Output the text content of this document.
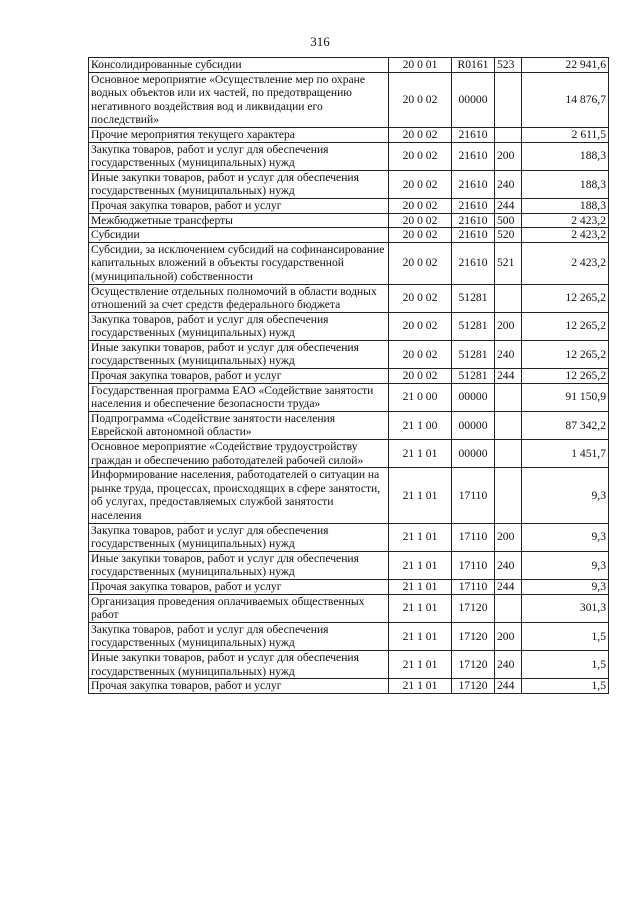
316
Консолидированные субсидии	20 0 01	R0161	523	22 941,6
Основное мероприятие «Осуществление мер по охране водных объектов или их частей, по предотвращению негативного воздействия вод и ликвидации его последствий»	20 0 02	00000		14 876,7
Прочие мероприятия текущего характера	20 0 02	21610		2 611,5
Закупка товаров, работ и услуг для обеспечения государственных (муниципальных) нужд	20 0 02	21610	200	188,3
Иные закупки товаров, работ и услуг для обеспечения государственных (муниципальных) нужд	20 0 02	21610	240	188,3
Прочая закупка товаров, работ и услуг	20 0 02	21610	244	188,3
Межбюджетные трансферты	20 0 02	21610	500	2 423,2
Субсидии	20 0 02	21610	520	2 423,2
Субсидии, за исключением субсидий на софинансирование капитальных вложений в объекты государственной (муниципальной) собственности	20 0 02	21610	521	2 423,2
Осуществление отдельных полномочий в области водных отношений за счет средств федерального бюджета	20 0 02	51281		12 265,2
Закупка товаров, работ и услуг для обеспечения государственных (муниципальных) нужд	20 0 02	51281	200	12 265,2
Иные закупки товаров, работ и услуг для обеспечения государственных (муниципальных) нужд	20 0 02	51281	240	12 265,2
Прочая закупка товаров, работ и услуг	20 0 02	51281	244	12 265,2
Государственная программа ЕАО «Содействие занятости населения и обеспечение безопасности труда»	21 0 00	00000		91 150,9
Подпрограмма «Содействие занятости населения Еврейской автономной области»	21 1 00	00000		87 342,2
Основное мероприятие «Содействие трудоустройству граждан и обеспечению работодателей рабочей силой»	21 1 01	00000		1 451,7
Информирование населения, работодателей о ситуации на рынке труда, процессах, происходящих в сфере занятости, об услугах, предоставляемых службой занятости населения	21 1 01	17110		9,3
Закупка товаров, работ и услуг для обеспечения государственных (муниципальных) нужд	21 1 01	17110	200	9,3
Иные закупки товаров, работ и услуг для обеспечения государственных (муниципальных) нужд	21 1 01	17110	240	9,3
Прочая закупка товаров, работ и услуг	21 1 01	17110	244	9,3
Организация проведения оплачиваемых общественных работ	21 1 01	17120		301,3
Закупка товаров, работ и услуг для обеспечения государственных (муниципальных) нужд	21 1 01	17120	200	1,5
Иные закупки товаров, работ и услуг для обеспечения государственных (муниципальных) нужд	21 1 01	17120	240	1,5
Прочая закупка товаров, работ и услуг	21 1 01	17120	244	1,5
